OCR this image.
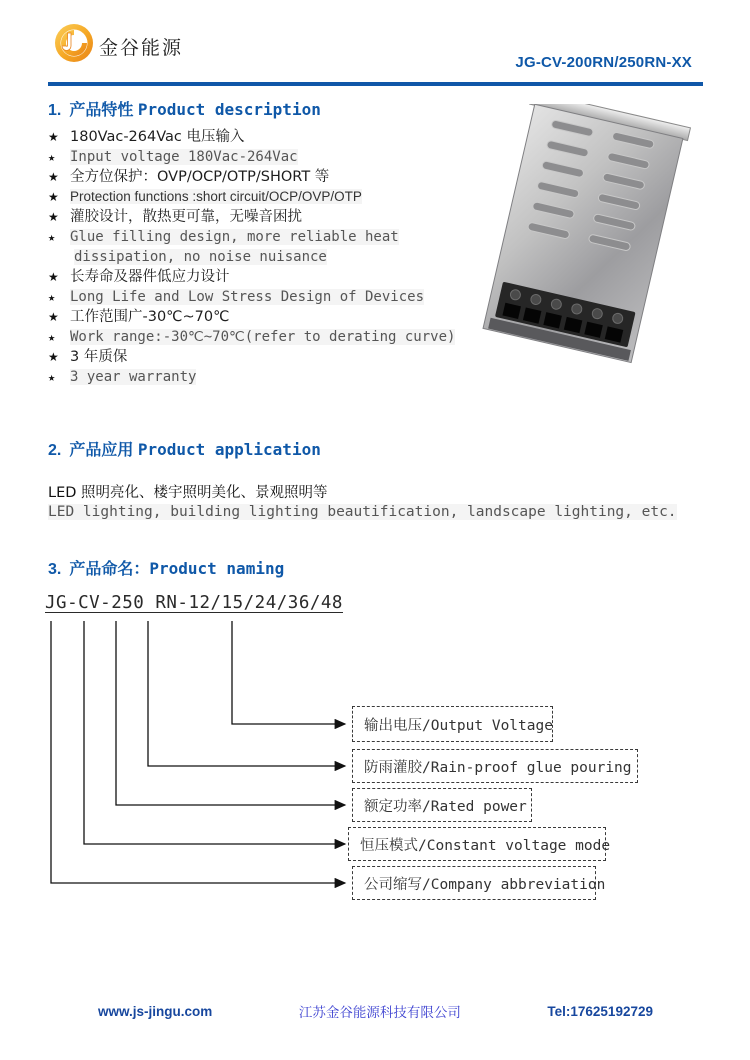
金谷能源
JG-CV-200RN/250RN-XX
1. 产品特性 Product description
★ 180Vac-264Vac 电压输入
★ Input voltage 180Vac-264Vac
★ 全方位保护：OVP/OCP/OTP/SHORT 等
★ Protection functions :short circuit/OCP/OVP/OTP
★ 灌胶设计，散热更可靠，无噪音困扰
★ Glue filling design, more reliable heat
dissipation, no noise nuisance
★ 长寿命及器件低应力设计
★ Long Life and Low Stress Design of Devices
★ 工作范围广-30℃~70℃
★ Work range:-30℃~70℃(refer to derating curve)
★ 3 年质保
★ 3 year warranty
2. 产品应用 Product application
LED 照明亮化、楼宇照明美化、景观照明等
LED lighting, building lighting beautification, landscape lighting, etc.
3. 产品命名：Product naming
JG-CV-250 RN-12/15/24/36/48
输出电压/Output Voltage
防雨灌胶/Rain-proof glue pouring
额定功率/Rated power
恒压模式/Constant voltage mode
公司缩写/Company abbreviation
www.js-jingu.com	江苏金谷能源科技有限公司	Tel:17625192729
